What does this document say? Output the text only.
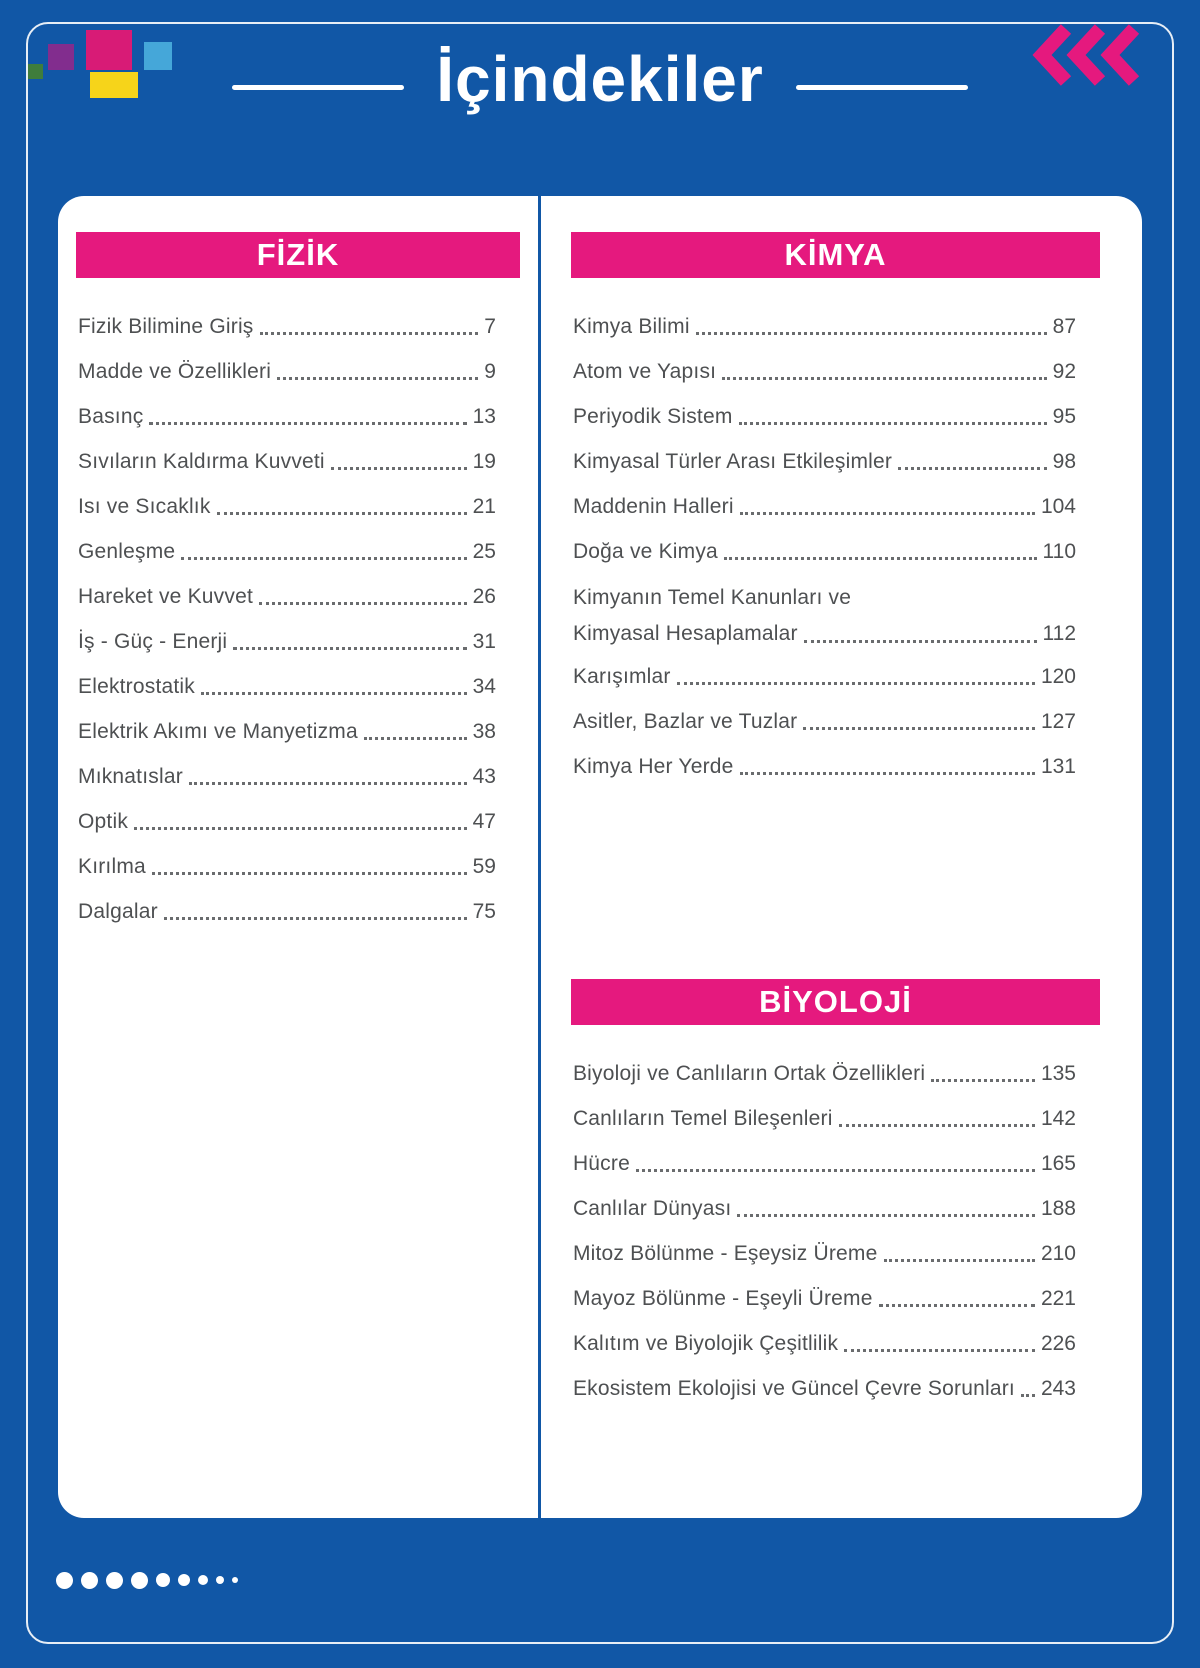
İçindekiler
FİZİK
Fizik Bilimine Giriş	7
Madde ve Özellikleri	9
Basınç	13
Sıvıların Kaldırma Kuvveti	19
Isı ve Sıcaklık	21
Genleşme	25
Hareket ve Kuvvet	26
İş - Güç - Enerji	31
Elektrostatik	34
Elektrik Akımı ve Manyetizma	38
Mıknatıslar	43
Optik	47
Kırılma	59
Dalgalar	75
KİMYA
Kimya Bilimi	87
Atom ve Yapısı	92
Periyodik Sistem	95
Kimyasal Türler Arası Etkileşimler	98
Maddenin Halleri	104
Doğa ve Kimya	110
Kimyanın Temel Kanunları ve
Kimyasal Hesaplamalar	112
Karışımlar	120
Asitler, Bazlar ve Tuzlar	127
Kimya Her Yerde	131
BİYOLOJİ
Biyoloji ve Canlıların Ortak Özellikleri	135
Canlıların Temel Bileşenleri	142
Hücre	165
Canlılar Dünyası	188
Mitoz Bölünme - Eşeysiz Üreme	210
Mayoz Bölünme - Eşeyli Üreme	221
Kalıtım ve Biyolojik Çeşitlilik	226
Ekosistem Ekolojisi ve Güncel Çevre Sorunları 243
